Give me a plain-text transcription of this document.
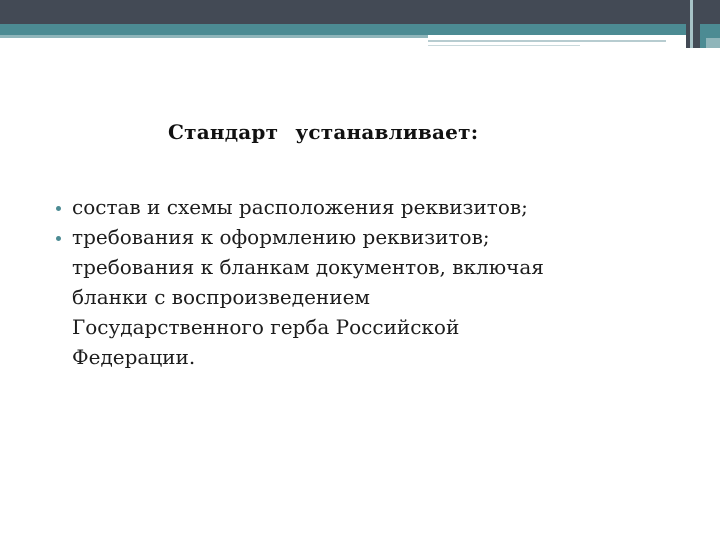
Стандарт устанавливает:
состав и схемы расположения реквизитов;
требования к оформлению реквизитов;
требования к бланкам документов, включая
бланки с воспроизведением
Государственного герба Российской
Федерации.
